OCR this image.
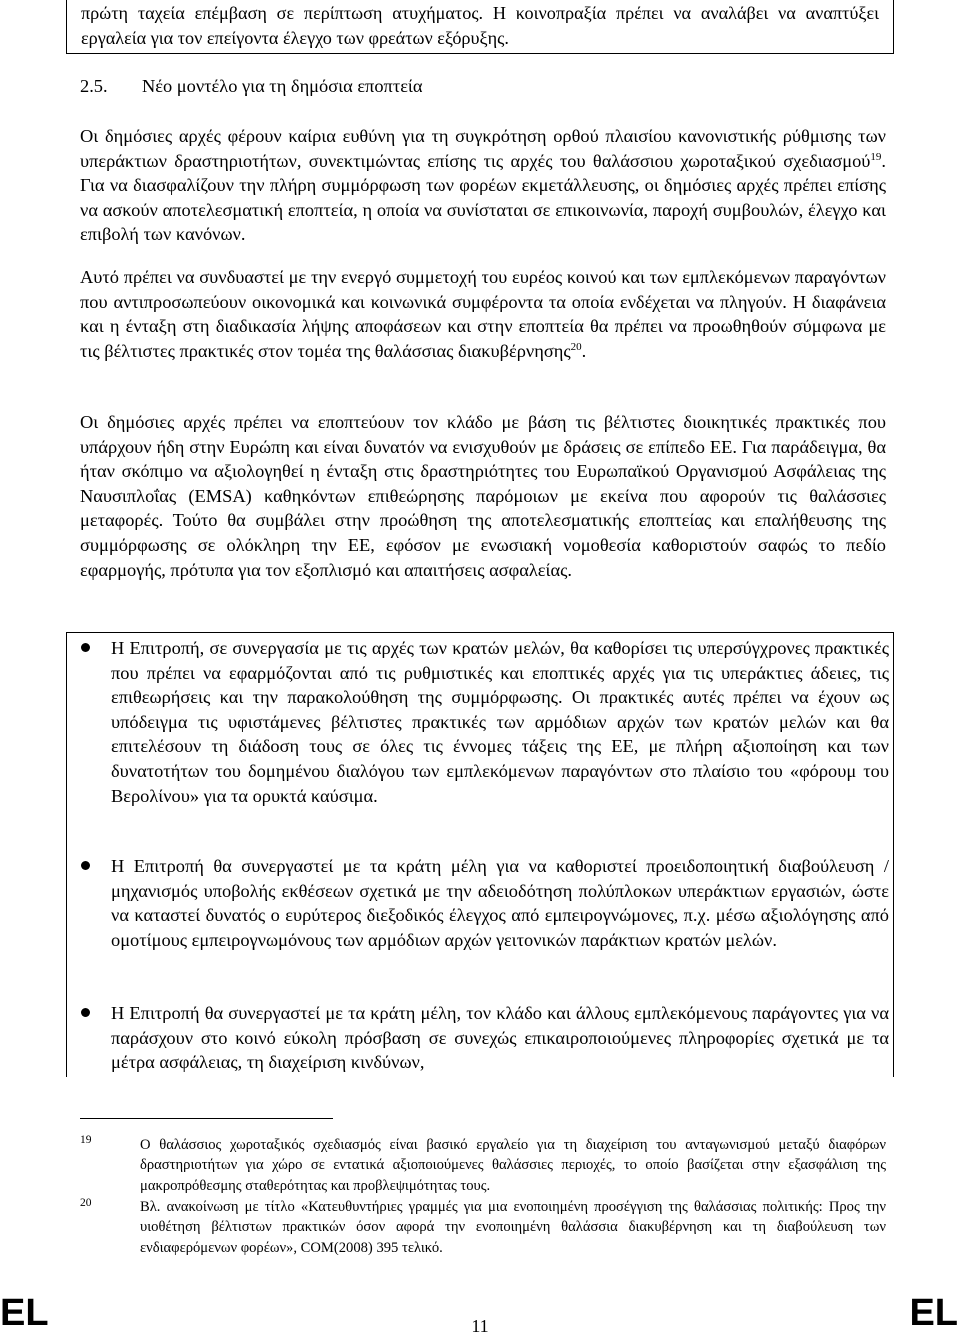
πρώτη ταχεία επέμβαση σε περίπτωση ατυχήματος. Η κοινοπραξία πρέπει να αναλάβει να αναπτύξει εργαλεία για τον επείγοντα έλεγχο των φρεάτων εξόρυξης.

2.5. Νέο μοντέλο για τη δημόσια εποπτεία

Οι δημόσιες αρχές φέρουν καίρια ευθύνη για τη συγκρότηση ορθού πλαισίου κανονιστικής ρύθμισης των υπεράκτιων δραστηριοτήτων, συνεκτιμώντας επίσης τις αρχές του θαλάσσιου χωροταξικού σχεδιασμού$^{19}$. Για να διασφαλίζουν την πλήρη συμμόρφωση των φορέων εκμετάλλευσης, οι δημόσιες αρχές πρέπει επίσης να ασκούν αποτελεσματική εποπτεία, η οποία να συνίσταται σε επικοινωνία, παροχή συμβουλών, έλεγχο και επιβολή των κανόνων.

Αυτό πρέπει να συνδυαστεί με την ενεργό συμμετοχή του ευρέος κοινού και των εμπλεκόμενων παραγόντων που αντιπροσωπεύουν οικονομικά και κοινωνικά συμφέροντα τα οποία ενδέχεται να πληγούν. Η διαφάνεια και η ένταξη στη διαδικασία λήψης αποφάσεων και στην εποπτεία θα πρέπει να προωθηθούν σύμφωνα με τις βέλτιστες πρακτικές στον τομέα της θαλάσσιας διακυβέρνησης$^{20}$.

Οι δημόσιες αρχές πρέπει να εποπτεύουν τον κλάδο με βάση τις βέλτιστες διοικητικές πρακτικές που υπάρχουν ήδη στην Ευρώπη και είναι δυνατόν να ενισχυθούν με δράσεις σε επίπεδο ΕΕ. Για παράδειγμα, θα ήταν σκόπιμο να αξιολογηθεί η ένταξη στις δραστηριότητες του Ευρωπαϊκού Οργανισμού Ασφάλειας της Ναυσιπλοΐας (EMSA) καθηκόντων επιθεώρησης παρόμοιων με εκείνα που αφορούν τις θαλάσσιες μεταφορές. Τούτο θα συμβάλει στην προώθηση της αποτελεσματικής εποπτείας και επαλήθευσης της συμμόρφωσης σε ολόκληρη την ΕΕ, εφόσον με ενωσιακή νομοθεσία καθοριστούν σαφώς το πεδίο εφαρμογής, πρότυπα για τον εξοπλισμό και απαιτήσεις ασφαλείας.

Η Επιτροπή, σε συνεργασία με τις αρχές των κρατών μελών, θα καθορίσει τις υπερσύγχρονες πρακτικές που πρέπει να εφαρμόζονται από τις ρυθμιστικές και εποπτικές αρχές για τις υπεράκτιες άδειες, τις επιθεωρήσεις και την παρακολούθηση της συμμόρφωσης. Οι πρακτικές αυτές πρέπει να έχουν ως υπόδειγμα τις υφιστάμενες βέλτιστες πρακτικές των αρμόδιων αρχών των κρατών μελών και θα επιτελέσουν τη διάδοση τους σε όλες τις έννομες τάξεις της ΕΕ, με πλήρη αξιοποίηση και των δυνατοτήτων του δομημένου διαλόγου των εμπλεκόμενων παραγόντων στο πλαίσιο του «φόρουμ του Βερολίνου» για τα ορυκτά καύσιμα.

Η Επιτροπή θα συνεργαστεί με τα κράτη μέλη για να καθοριστεί προειδοποιητική διαβούλευση /μηχανισμός υποβολής εκθέσεων σχετικά με την αδειοδότηση πολύπλοκων υπεράκτιων εργασιών, ώστε να καταστεί δυνατός ο ευρύτερος διεξοδικός έλεγχος από εμπειρογνώμονες, π.χ. μέσω αξιολόγησης από ομοτίμους εμπειρογνωμόνους των αρμόδιων αρχών γειτονικών παράκτιων κρατών μελών.

Η Επιτροπή θα συνεργαστεί με τα κράτη μέλη, τον κλάδο και άλλους εμπλεκόμενους παράγοντες για να παράσχουν στο κοινό εύκολη πρόσβαση σε συνεχώς επικαιροποιούμενες πληροφορίες σχετικά με τα μέτρα ασφάλειας, τη διαχείριση κινδύνων,

19	Ο θαλάσσιος χωροταξικός σχεδιασμός είναι βασικό εργαλείο για τη διαχείριση του ανταγωνισμού μεταξύ διαφόρων δραστηριοτήτων για χώρο σε εντατικά αξιοποιούμενες θαλάσσιες περιοχές, το οποίο βασίζεται στην εξασφάλιση της μακροπρόθεσμης σταθερότητας και προβλεψιμότητας τους.

20	Βλ. ανακοίνωση με τίτλο «Κατευθυντήριες γραμμές για μια ενοποιημένη προσέγγιση της θαλάσσιας πολιτικής: Προς την υιοθέτηση βέλτιστων πρακτικών όσον αφορά την ενοποιημένη θαλάσσια διακυβέρνηση και τη διαβούλευση των ενδιαφερόμενων φορέων», COM(2008) 395 τελικό.

EL	11	EL
